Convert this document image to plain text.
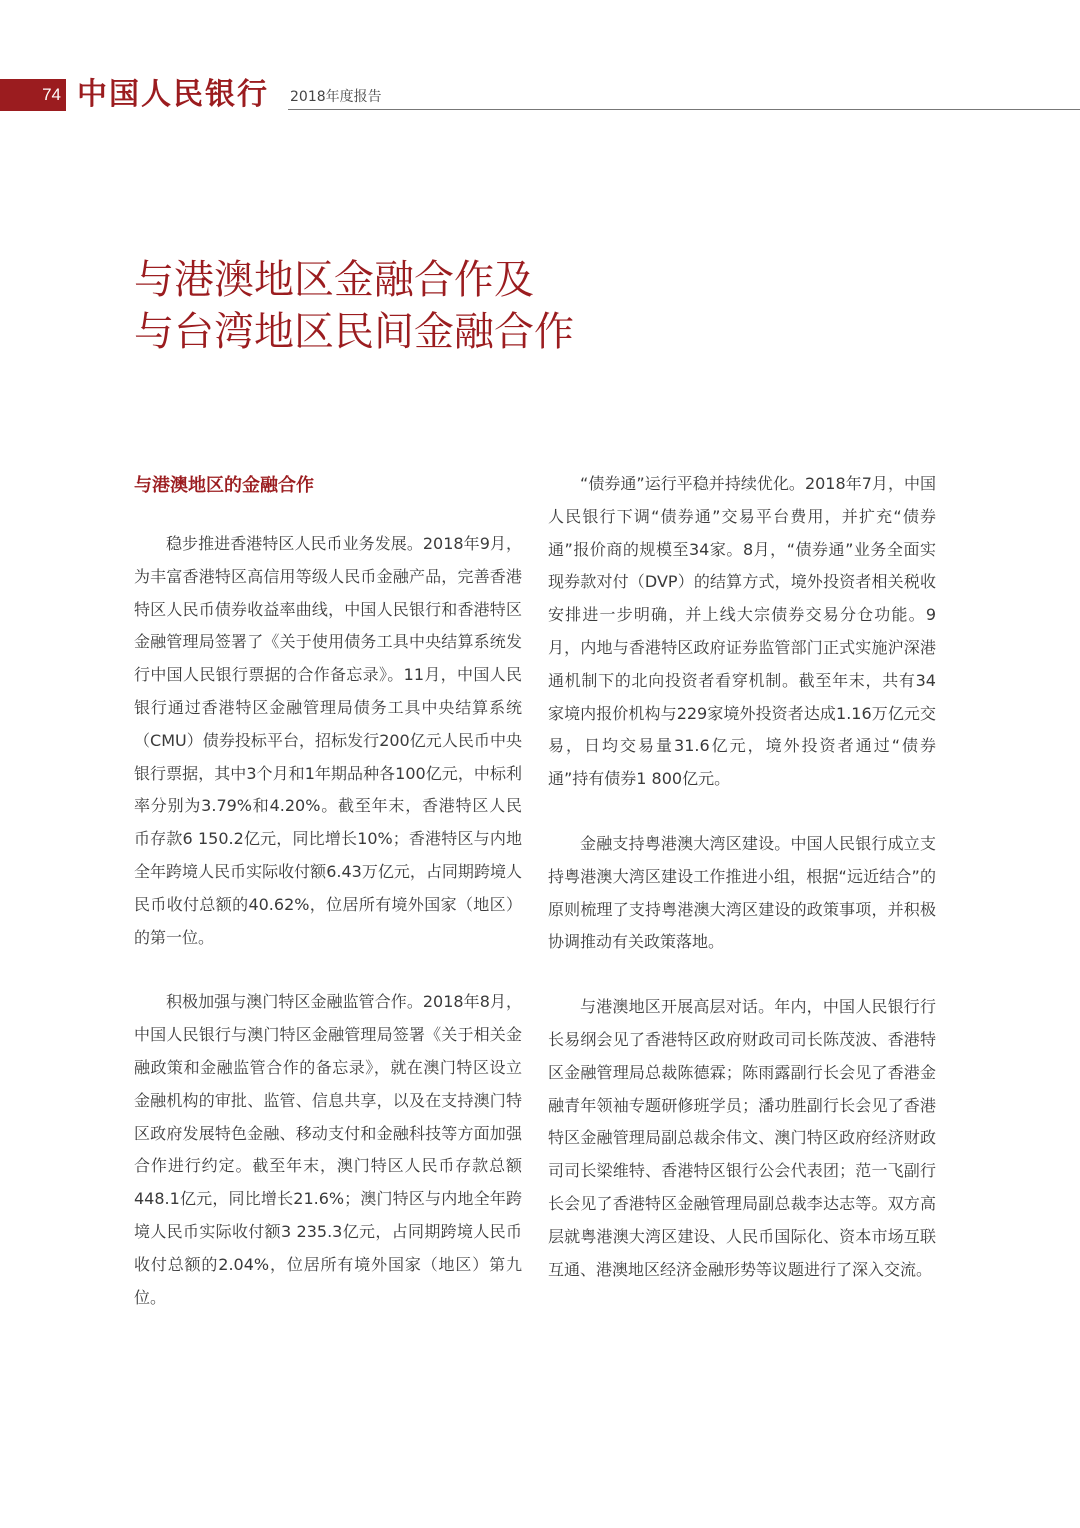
74 中国人民银行 2018年度报告
与港澳地区金融合作及
与台湾地区民间金融合作
与港澳地区的金融合作

稳步推进香港特区人民币业务发展。2018年9月，为丰富香港特区高信用等级人民币金融产品，完善香港特区人民币债券收益率曲线，中国人民银行和香港特区金融管理局签署了《关于使用债务工具中央结算系统发行中国人民银行票据的合作备忘录》。11月，中国人民银行通过香港特区金融管理局债务工具中央结算系统（CMU）债券投标平台，招标发行200亿元人民币中央银行票据，其中3个月和1年期品种各100亿元，中标利率分别为3.79%和4.20%。截至年末，香港特区人民币存款6 150.2亿元，同比增长10%；香港特区与内地全年跨境人民币实际收付额6.43万亿元，占同期跨境人民币收付总额的40.62%，位居所有境外国家（地区）的第一位。

积极加强与澳门特区金融监管合作。2018年8月，中国人民银行与澳门特区金融管理局签署《关于相关金融政策和金融监管合作的备忘录》，就在澳门特区设立金融机构的审批、监管、信息共享，以及在支持澳门特区政府发展特色金融、移动支付和金融科技等方面加强合作进行约定。截至年末，澳门特区人民币存款总额448.1亿元，同比增长21.6%；澳门特区与内地全年跨境人民币实际收付额3 235.3亿元，占同期跨境人民币收付总额的2.04%，位居所有境外国家（地区）第九位。

“债券通”运行平稳并持续优化。2018年7月，中国人民银行下调“债券通”交易平台费用，并扩充“债券通”报价商的规模至34家。8月，“债券通”业务全面实现券款对付（DVP）的结算方式，境外投资者相关税收安排进一步明确，并上线大宗债券交易分仓功能。9月，内地与香港特区政府证券监管部门正式实施沪深港通机制下的北向投资者看穿机制。截至年末，共有34家境内报价机构与229家境外投资者达成1.16万亿元交易，日均交易量31.6亿元，境外投资者通过“债券通”持有债券1 800亿元。

金融支持粤港澳大湾区建设。中国人民银行成立支持粤港澳大湾区建设工作推进小组，根据“远近结合”的原则梳理了支持粤港澳大湾区建设的政策事项，并积极协调推动有关政策落地。

与港澳地区开展高层对话。年内，中国人民银行行长易纲会见了香港特区政府财政司司长陈茂波、香港特区金融管理局总裁陈德霖；陈雨露副行长会见了香港金融青年领袖专题研修班学员；潘功胜副行长会见了香港特区金融管理局副总裁余伟文、澳门特区政府经济财政司司长梁维特、香港特区银行公会代表团；范一飞副行长会见了香港特区金融管理局副总裁李达志等。双方高层就粤港澳大湾区建设、人民币国际化、资本市场互联互通、港澳地区经济金融形势等议题进行了深入交流。
